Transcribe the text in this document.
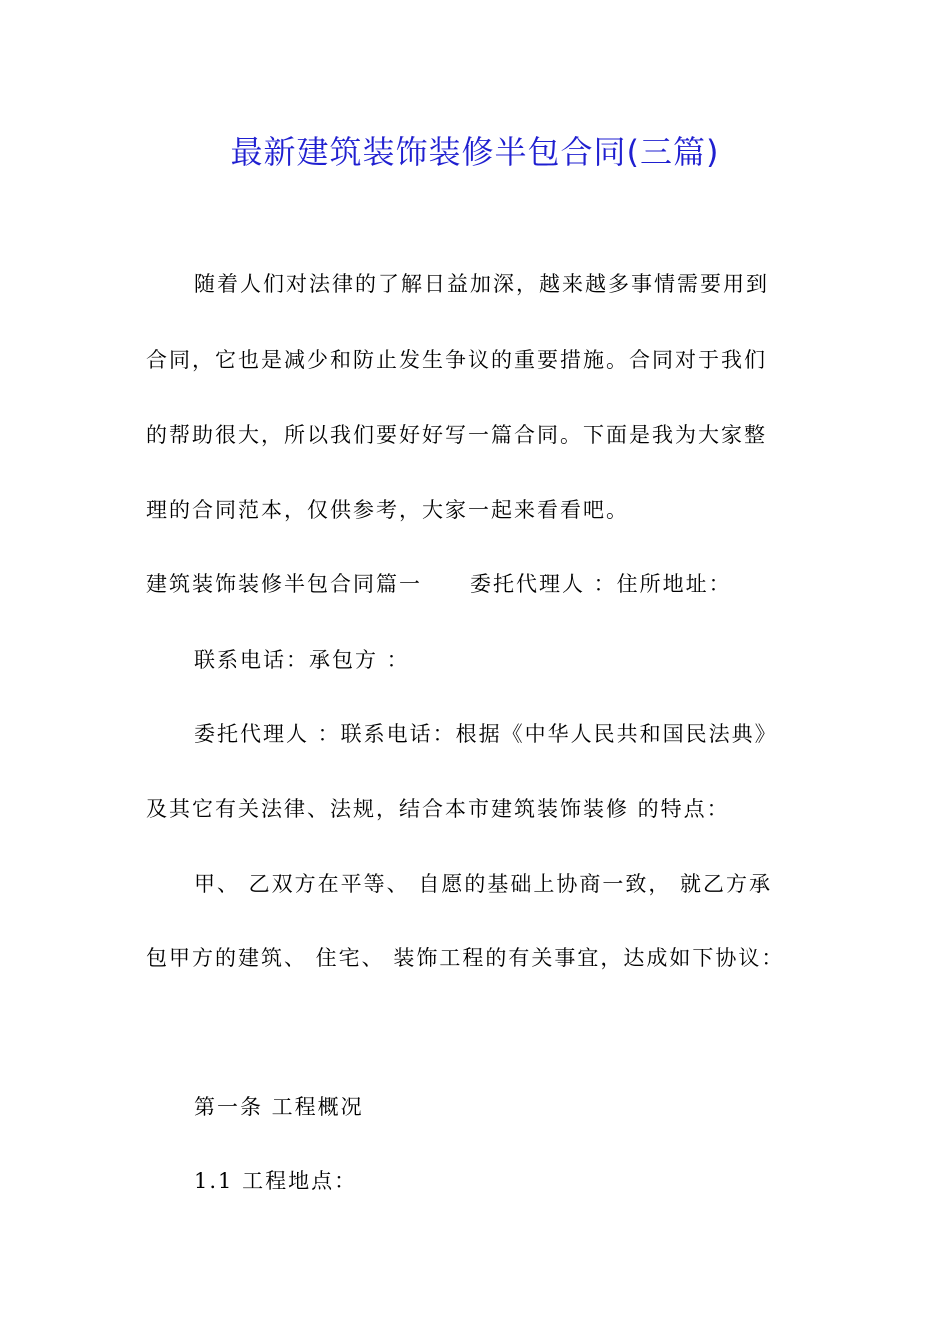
最新建筑装饰装修半包合同(三篇)
随着人们对法律的了解日益加深，越来越多事情需要用到
合同，它也是减少和防止发生争议的重要措施。合同对于我们
的帮助很大，所以我们要好好写一篇合同。下面是我为大家整
理的合同范本，仅供参考，大家一起来看看吧。
建筑装饰装修半包合同篇一 委托代理人 ：住所地址：
联系电话：承包方 ：
委托代理人 ：联系电话：根据《中华人民共和国民法典》
及其它有关法律、法规，结合本市建筑装饰装修 的特点：
甲、 乙双方在平等、 自愿的基础上协商一致， 就乙方承
包甲方的建筑、 住宅、 装饰工程的有关事宜，达成如下协议：
第一条 工程概况
1.1 工程地点：
